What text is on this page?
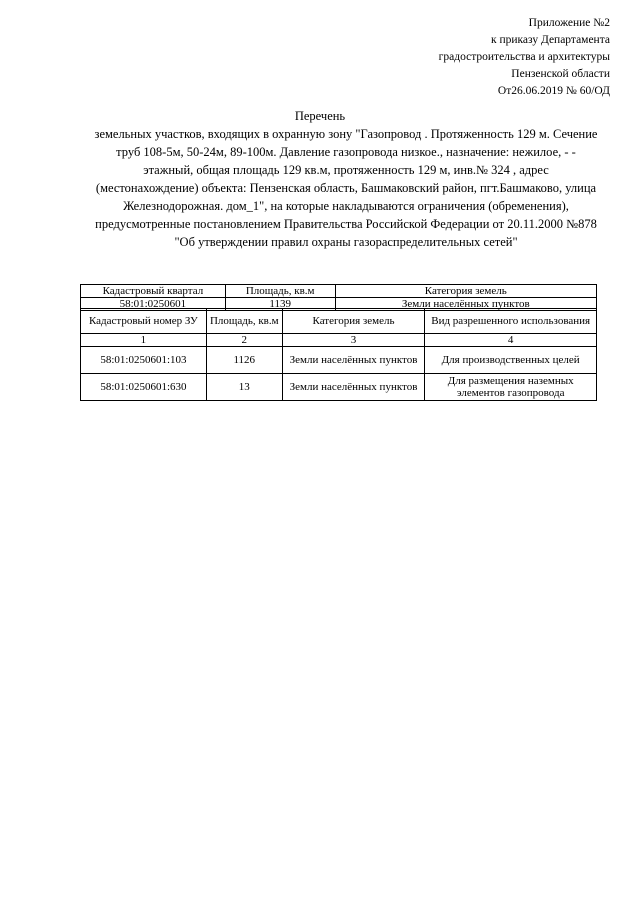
Приложение №2
к приказу Департамента
градостроительства и архитектуры
Пензенской области
От26.06.2019 № 60/ОД
Перечень
земельных участков, входящих в охранную зону "Газопровод . Протяженность 129 м. Сечение
труб 108-5м, 50-24м, 89-100м. Давление газопровода низкое., назначение: нежилое, - -
этажный, общая площадь 129 кв.м, протяженность 129 м, инв.№ 324 , адрес
(местонахождение) объекта: Пензенская область, Башмаковский район, пгт.Башмаково, улица
Железнодорожная. дом_1", на которые накладываются ограничения (обременения),
предусмотренные постановлением Правительства Российской Федерации от 20.11.2000 №878
"Об утверждении правил охраны газораспределительных сетей"
Кадастровый квартал	Площадь, кв.м	Категория земель
58:01:0250601	1139	Земли населённых пунктов
Кадастровый номер ЗУ	Площадь, кв.м	Категория земель	Вид разрешенного использования
1	2	3	4
58:01:0250601:103	1126	Земли населённых пунктов	Для производственных целей
58:01:0250601:630	13	Земли населённых пунктов	Для размещения наземных элементов газопровода
